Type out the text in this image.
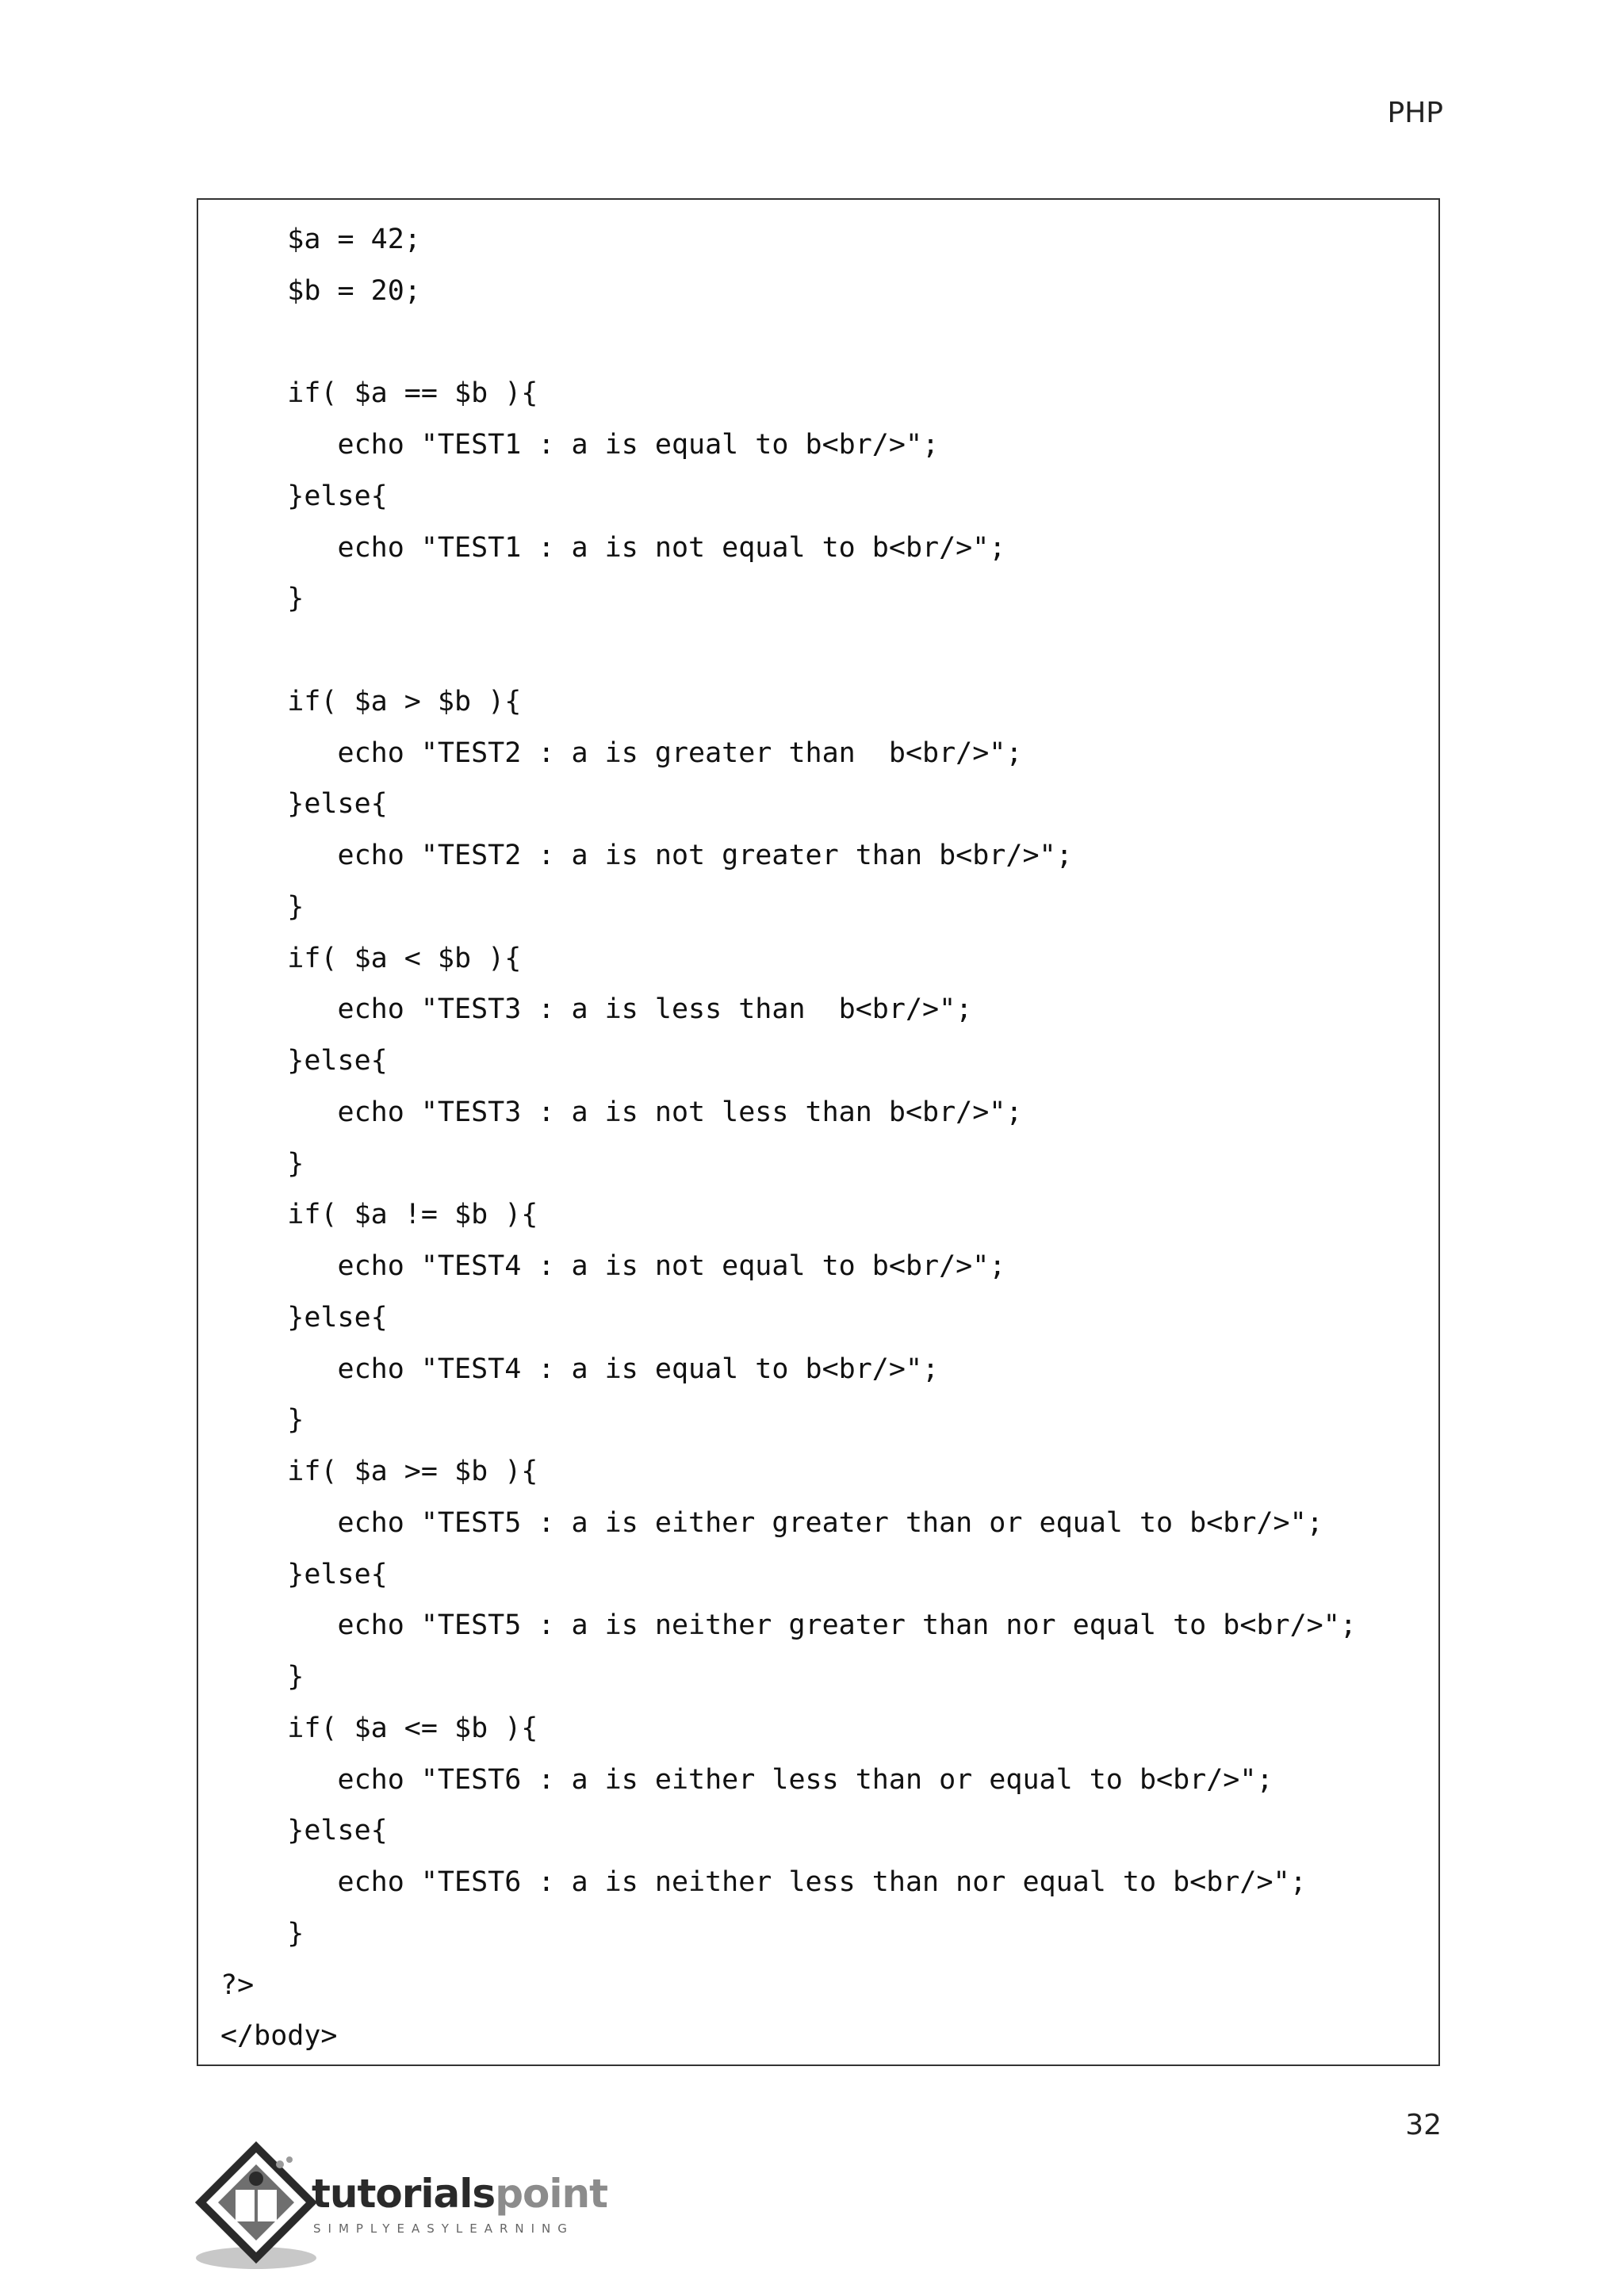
PHP
$a = 42;
$b = 20;
if( $a == $b ){
echo "TEST1 : a is equal to b<br/>";
}else{
echo "TEST1 : a is not equal to b<br/>";
}
if( $a > $b ){
echo "TEST2 : a is greater than  b<br/>";
}else{
echo "TEST2 : a is not greater than b<br/>";
}
if( $a < $b ){
echo "TEST3 : a is less than  b<br/>";
}else{
echo "TEST3 : a is not less than b<br/>";
}
if( $a != $b ){
echo "TEST4 : a is not equal to b<br/>";
}else{
echo "TEST4 : a is equal to b<br/>";
}
if( $a >= $b ){
echo "TEST5 : a is either greater than or equal to b<br/>";
}else{
echo "TEST5 : a is neither greater than nor equal to b<br/>";
}
if( $a <= $b ){
echo "TEST6 : a is either less than or equal to b<br/>";
}else{
echo "TEST6 : a is neither less than nor equal to b<br/>";
}
?>
</body>
32
tutorialspoint
SIMPLYEASYLEARNING
